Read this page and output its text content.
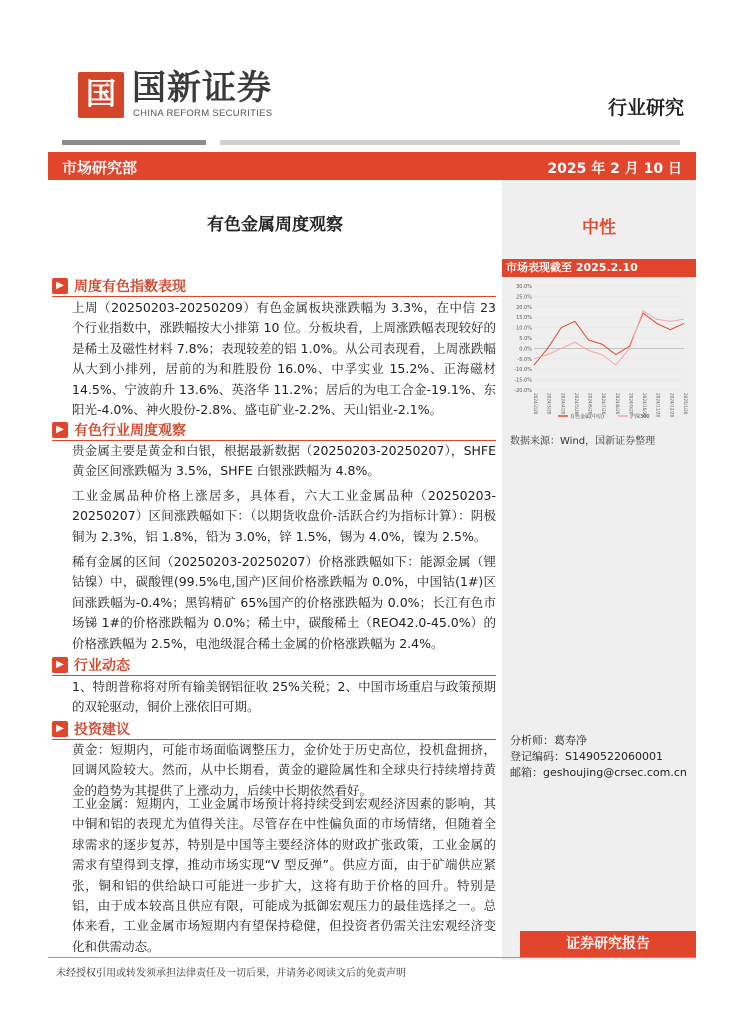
国 国新证券
CHINA REFORM SECURITIES	行业研究
市场研究部	2025 年 2 月 10 日
有色金属周度观察	中性
▶ 周度有色指数表现
上周（20250203-20250209）有色金属板块涨跌幅为 3.3%，在中信 23 个行业指数中，涨跌幅按大小排第 10 位。分板块看，上周涨跌幅表现较好的是稀土及磁性材料 7.8%；表现较差的铝 1.0%。从公司表现看，上周涨跌幅从大到小排列，居前的为和胜股份 16.0%、中孚实业 15.2%、正海磁材 14.5%、宁波韵升 13.6%、英洛华 11.2%；居后的为电工合金-19.1%、东阳光-4.0%、神火股份-2.8%、盛屯矿业-2.2%、天山铝业-2.1%。
▶ 有色行业周度观察
贵金属主要是黄金和白银，根据最新数据（20250203-20250207），SHFE 黄金区间涨跌幅为 3.5%，SHFE 白银涨跌幅为 4.8%。
工业金属品种价格上涨居多，具体看，六大工业金属品种（20250203-20250207）区间涨跌幅如下：（以期货收盘价-活跃合约为指标计算）：阴极铜为 2.3%，铝 1.8%，铅为 3.0%，锌 1.5%，锡为 4.0%，镍为 2.5%。
稀有金属的区间（20250203-20250207）价格涨跌幅如下：能源金属（锂钴镍）中，碳酸锂(99.5%电,国产)区间价格涨跌幅为 0.0%，中国钴(1#)区间涨跌幅为-0.4%；黑钨精矿 65%国产的价格涨跌幅为 0.0%；长江有色市场锑 1#的价格涨跌幅为 0.0%；稀土中，碳酸稀土（REO42.0-45.0%）的价格涨跌幅为 2.5%，电池级混合稀土金属的价格涨跌幅为 2.4%。
▶ 行业动态
1、特朗普称将对所有输美钢铝征收 25%关税；2、中国市场重启与政策预期的双轮驱动，铜价上涨依旧可期。
▶ 投资建议
黄金：短期内，可能市场面临调整压力，金价处于历史高位，投机盘拥挤，回调风险较大。然而，从中长期看，黄金的避险属性和全球央行持续增持黄金的趋势为其提供了上涨动力，后续中长期依然看好。
工业金属：短期内，工业金属市场预计将持续受到宏观经济因素的影响，其中铜和铝的表现尤为值得关注。尽管存在中性偏负面的市场情绪，但随着全球需求的逐步复苏，特别是中国等主要经济体的财政扩张政策，工业金属的需求有望得到支撑，推动市场实现“V 型反弹”。供应方面，由于矿端供应紧张，铜和铝的供给缺口可能进一步扩大，这将有助于价格的回升。特别是铝，由于成本较高且供应有限，可能成为抵御宏观压力的最佳选择之一。总体来看，工业金属市场短期内有望保持稳健，但投资者仍需关注宏观经济变化和供需动态。
市场表现截至 2025.2.10
30.0%
25.0%
20.0%
15.0%
10.0%
5.0%
0.0%
-5.0%
-10.0%
-15.0%
-20.0%
2024/2/20 2024/3/20 2024/4/20 2024/5/20 2024/6/20 2024/7/20 2024/8/20 2024/9/20 2024/10/20 2024/11/20 2024/12/20 2025/1/20
有色金属(中信)	沪深300
数据来源：Wind，国新证券整理
分析师：葛寿净
登记编码：S1490522060001
邮箱：geshoujing@crsec.com.cn
证券研究报告
未经授权引用或转发须承担法律责任及一切后果，并请务必阅读文后的免责声明
